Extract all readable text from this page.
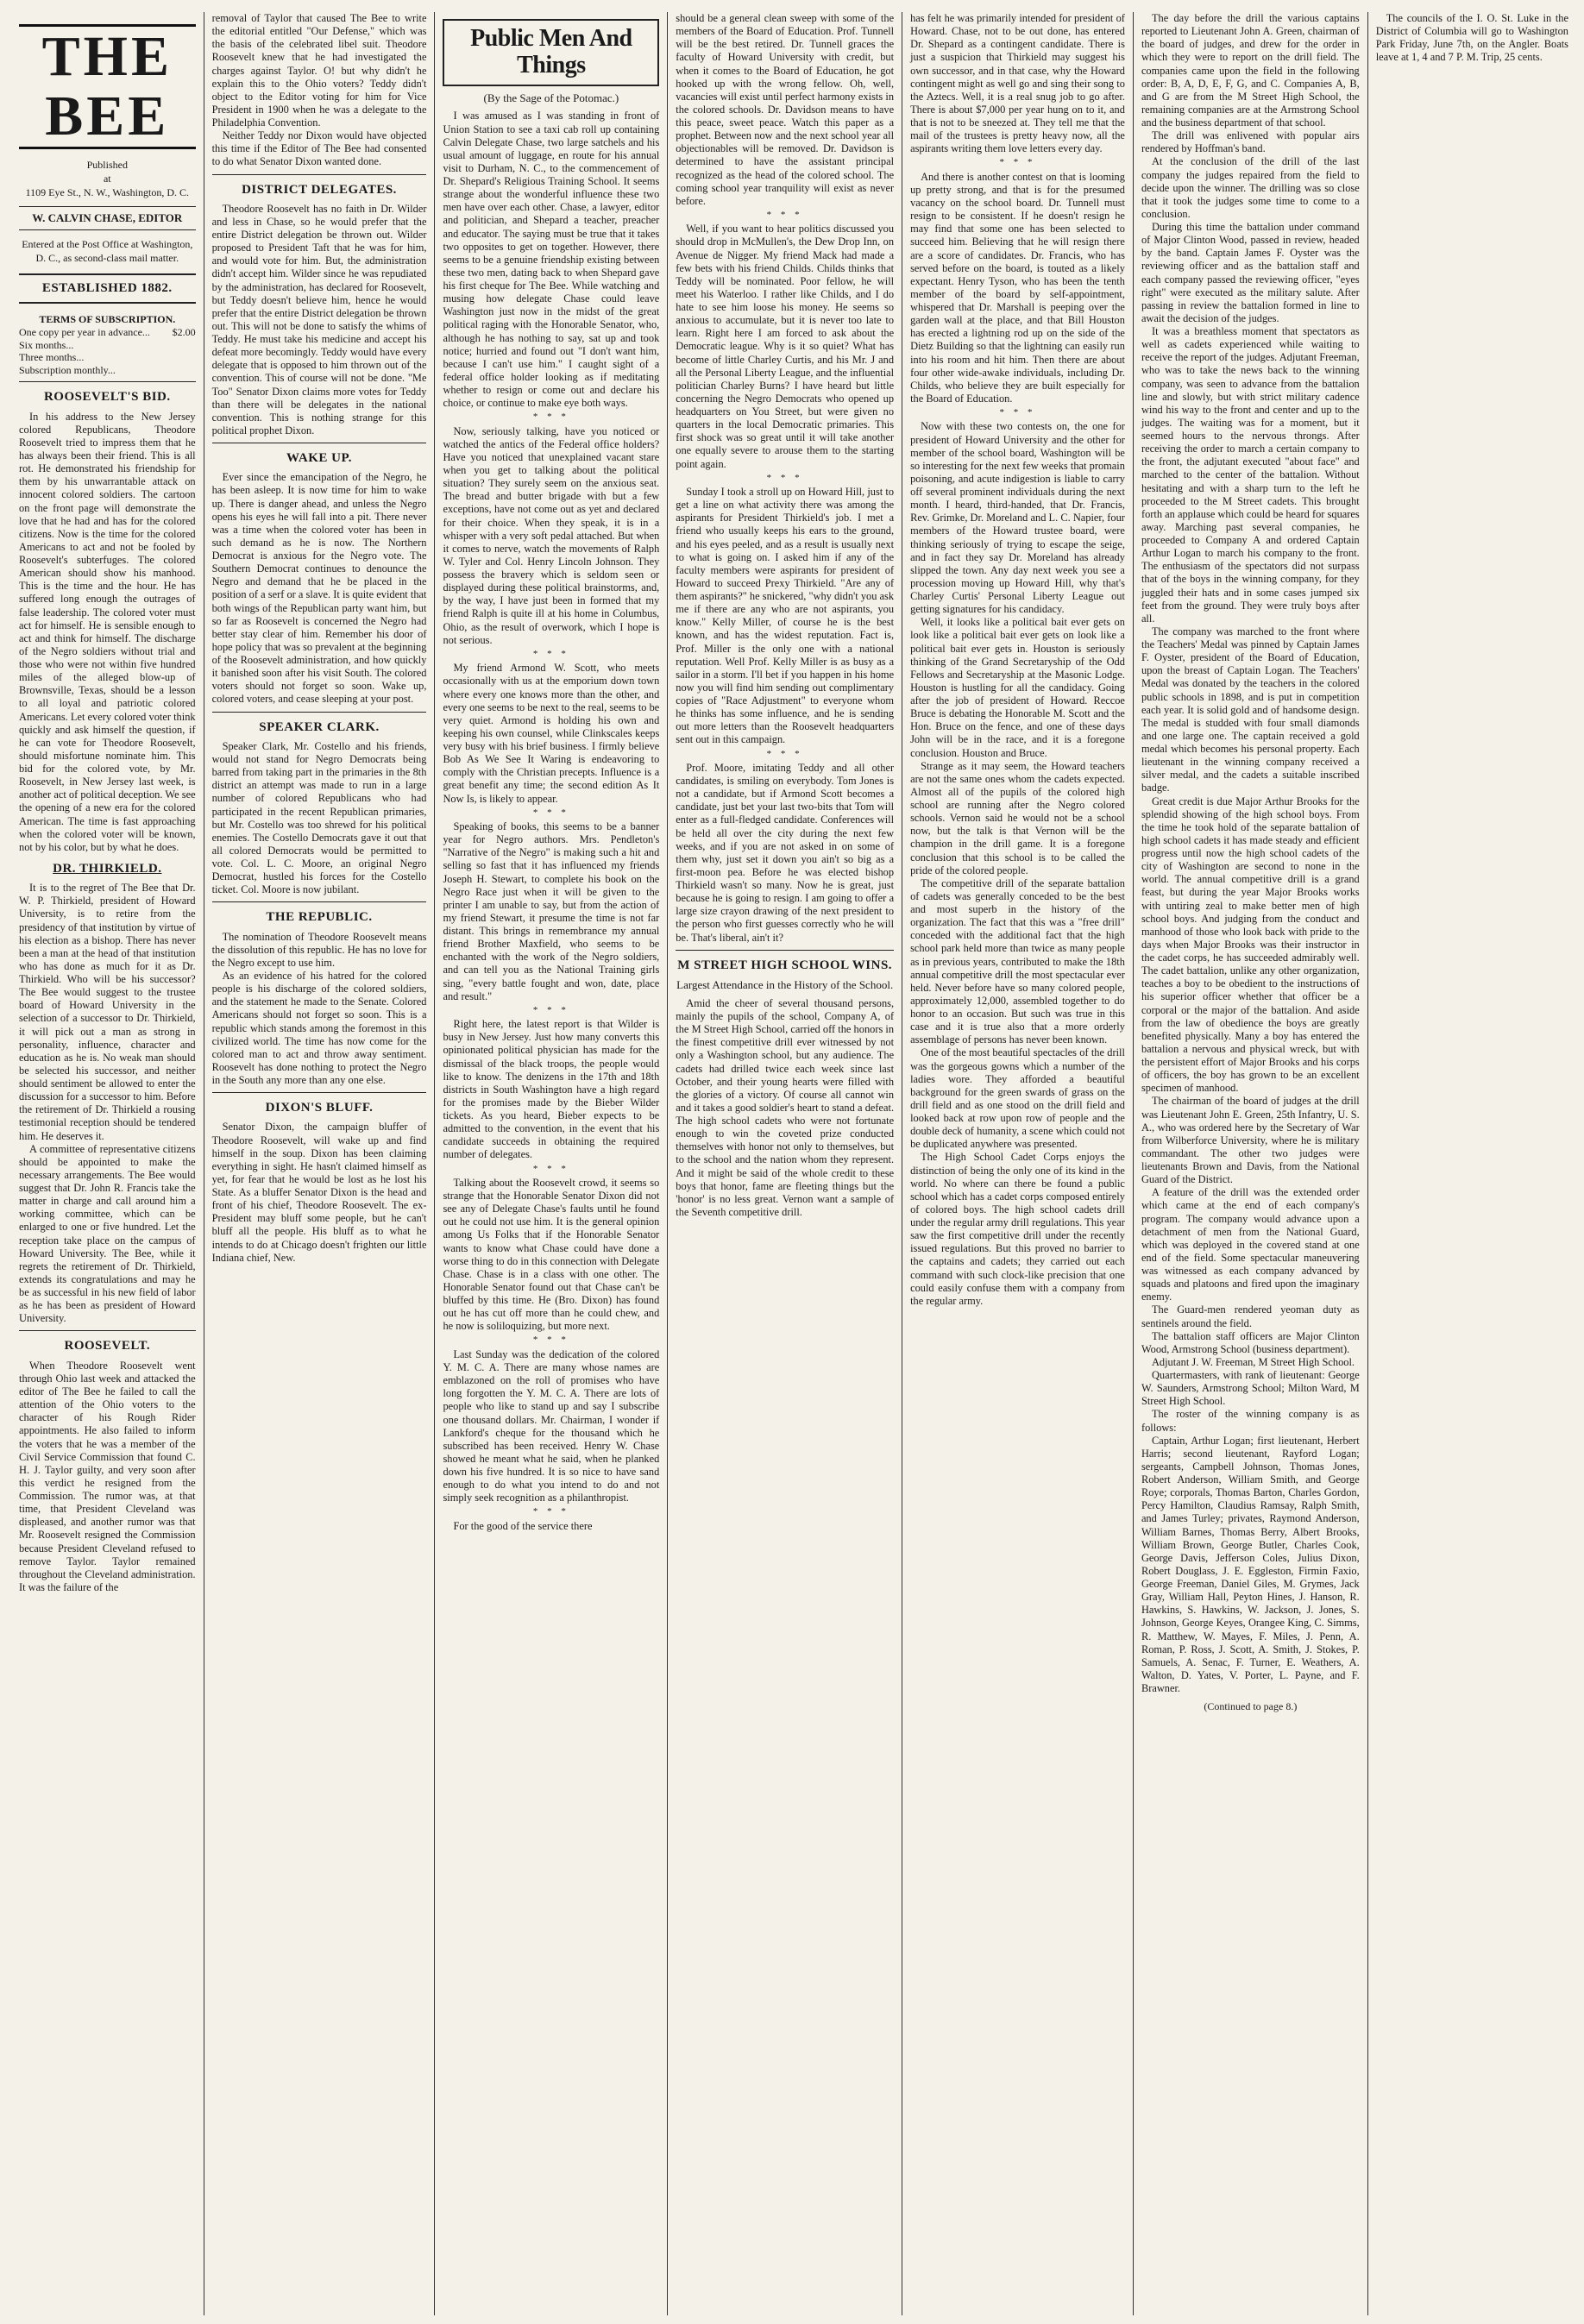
THE BEE

Published

at

1109 Eye St., N. W., Washington, D. C.

W. CALVIN CHASE, EDITOR

Entered at the Post Office at Washington, D. C., as second-class mail matter.

ESTABLISHED 1882.

TERMS OF SUBSCRIPTION.

One copy per year in advance... $2.00
Six months...
Three months...
Subscription monthly...
ROOSEVELT'S BID.

In his address to the New Jersey colored Republicans, Theodore Roosevelt tried to impress them that he has always been their friend. This is all rot. He demonstrated his friendship for them by his unwarrantable attack on innocent colored soldiers. The cartoon on the front page will demonstrate the love that he had and has for the colored citizens. Now is the time for the colored Americans to act and not be fooled by Roosevelt's subterfuges. The colored American should show his manhood. This is the time and the hour. He has suffered long enough the outrages of false leadership. The colored voter must act for himself. He is sensible enough to act and think for himself. The discharge of the Negro soldiers without trial and those who were not within five hundred miles of the alleged blow-up of Brownsville, Texas, should be a lesson to all loyal and patriotic colored Americans. Let every colored voter think quickly and ask himself the question, if he can vote for Theodore Roosevelt, should misfortune nominate him. This bid for the colored vote, by Mr. Roosevelt, in New Jersey last week, is another act of political deception. We see the opening of a new era for the colored American. The time is fast approaching when the colored voter will be known, not by his color, but by what he does.

DR. THIRKIELD.

It is to the regret of The Bee that Dr. W. P. Thirkield, president of Howard University, is to retire from the presidency of that institution by virtue of his election as a bishop. There has never been a man at the head of that institution who has done as much for it as Dr. Thirkield. Who will be his successor? The Bee would suggest to the trustee board of Howard University in the selection of a successor to Dr. Thirkield, it will pick out a man as strong in personality, influence, character and education as he is. No weak man should be selected his successor, and neither should sentiment be allowed to enter the discussion for a successor to him. Before the retirement of Dr. Thirkield a rousing testimonial reception should be tendered him. He deserves it.

A committee of representative citizens should be appointed to make the necessary arrangements. The Bee would suggest that Dr. John R. Francis take the matter in charge and call around him a working committee, which can be enlarged to one or five hundred. Let the reception take place on the campus of Howard University. The Bee, while it regrets the retirement of Dr. Thirkield, extends its congratulations and may he be as successful in his new field of labor as he has been as president of Howard University.

ROOSEVELT.

When Theodore Roosevelt went through Ohio last week and attacked the editor of The Bee he failed to call the attention of the Ohio voters to the character of his Rough Rider appointments. He also failed to inform the voters that he was a member of the Civil Service Commission that found C. H. J. Taylor guilty, and very soon after this verdict he resigned from the Commission. The rumor was, at that time, that President Cleveland was displeased, and another rumor was that Mr. Roosevelt resigned the Commission because President Cleveland refused to remove Taylor. Taylor remained throughout the Cleveland administration. It was the failure of the

removal of Taylor that caused The Bee to write the editorial entitled "Our Defense," which was the basis of the celebrated libel suit. Theodore Roosevelt knew that he had investigated the charges against Taylor. O! but why didn't he explain this to the Ohio voters? Teddy didn't object to the Editor voting for him for Vice President in 1900 when he was a delegate to the Philadelphia Convention.

Neither Teddy nor Dixon would have objected this time if the Editor of The Bee had consented to do what Senator Dixon wanted done.

DISTRICT DELEGATES.

Theodore Roosevelt has no faith in Dr. Wilder and less in Chase, so he would prefer that the entire District delegation be thrown out. Wilder proposed to President Taft that he was for him, and would vote for him. But, the administration didn't accept him. Wilder since he was repudiated by the administration, has declared for Roosevelt, but Teddy doesn't believe him, hence he would prefer that the entire District delegation be thrown out. This will not be done to satisfy the whims of Teddy. He must take his medicine and accept his defeat more becomingly. Teddy would have every delegate that is opposed to him thrown out of the convention. This of course will not be done. "Me Too" Senator Dixon claims more votes for Teddy than there will be delegates in the national convention. This is nothing strange for this political prophet Dixon.

WAKE UP.

Ever since the emancipation of the Negro, he has been asleep. It is now time for him to wake up. There is danger ahead, and unless the Negro opens his eyes he will fall into a pit. There never was a time when the colored voter has been in such demand as he is now. The Northern Democrat is anxious for the Negro vote. The Southern Democrat continues to denounce the Negro and demand that he be placed in the position of a serf or a slave. It is quite evident that both wings of the Republican party want him, but so far as Roosevelt is concerned the Negro had better stay clear of him. Remember his door of hope policy that was so prevalent at the beginning of the Roosevelt administration, and how quickly it banished soon after his visit South. The colored voters should not forget so soon. Wake up, colored voters, and cease sleeping at your post.

SPEAKER CLARK.

Speaker Clark, Mr. Costello and his friends, would not stand for Negro Democrats being barred from taking part in the primaries in the 8th district an attempt was made to run in a large number of colored Republicans who had participated in the recent Republican primaries, but Mr. Costello was too shrewd for his political enemies. The Costello Democrats gave it out that all colored Democrats would be permitted to vote. Col. L. C. Moore, an original Negro Democrat, hustled his forces for the Costello ticket. Col. Moore is now jubilant.

THE REPUBLIC.

The nomination of Theodore Roosevelt means the dissolution of this republic. He has no love for the Negro except to use him.

As an evidence of his hatred for the colored people is his discharge of the colored soldiers, and the statement he made to the Senate. Colored Americans should not forget so soon. This is a republic which stands among the foremost in this civilized world. The time has now come for the colored man to act and throw away sentiment. Roosevelt has done nothing to protect the Negro in the South any more than any one else.

DIXON'S BLUFF.

Senator Dixon, the campaign bluffer of Theodore Roosevelt, will wake up and find himself in the soup. Dixon has been claiming everything in sight. He hasn't claimed himself as yet, for fear that he would be lost as he lost his State. As a bluffer Senator Dixon is the head and front of his chief, Theodore Roosevelt. The ex-President may bluff some people, but he can't bluff all the people. His bluff as to what he intends to do at Chicago doesn't frighten our little Indiana chief, New.

Public Men And Things

(By the Sage of the Potomac.)

I was amused as I was standing in front of Union Station to see a taxi cab roll up containing Calvin Delegate Chase, two large satchels and his usual amount of luggage, en route for his annual visit to Durham, N. C., to the commencement of Dr. Shepard's Religious Training School. It seems strange about the wonderful influence these two men have over each other. Chase, a lawyer, editor and politician, and Shepard a teacher, preacher and educator. The saying must be true that it takes two opposites to get on together. However, there seems to be a genuine friendship existing between these two men, dating back to when Shepard gave his first cheque for The Bee. While watching and musing how delegate Chase could leave Washington just now in the midst of the great political raging with the Honorable Senator, who, although he has nothing to say, sat up and took notice; hurried and found out "I don't want him, because I can't use him." I caught sight of a federal office holder looking as if meditating whether to resign or come out and declare his choice, or continue to make eye both ways.

* * *

Now, seriously talking, have you noticed or watched the antics of the Federal office holders? Have you noticed that unexplained vacant stare when you get to talking about the political situation? They surely seem on the anxious seat. The bread and butter brigade with but a few exceptions, have not come out as yet and declared for their choice. When they speak, it is in a whisper with a very soft pedal attached. But when it comes to nerve, watch the movements of Ralph W. Tyler and Col. Henry Lincoln Johnson. They possess the bravery which is seldom seen or displayed during these political brainstorms, and, by the way, I have just been in formed that my friend Ralph is quite ill at his home in Columbus, Ohio, as the result of overwork, which I hope is not serious.

* * *

My friend Armond W. Scott, who meets occasionally with us at the emporium down town where every one knows more than the other, and every one seems to be next to the real, seems to be very quiet. Armond is holding his own and keeping his own counsel, while Clinkscales keeps very busy with his brief business. I firmly believe Bob As We See It Waring is endeavoring to comply with the Christian precepts. Influence is a great benefit any time; the second edition As It Now Is, is likely to appear.

* * *

Speaking of books, this seems to be a banner year for Negro authors. Mrs. Pendleton's "Narrative of the Negro" is making such a hit and selling so fast that it has influenced my friends Joseph H. Stewart, to complete his book on the Negro Race just when it will be given to the printer I am unable to say, but from the action of my friend Stewart, it presume the time is not far distant. This brings in remembrance my annual friend Brother Maxfield, who seems to be enchanted with the work of the Negro soldiers, and can tell you as the National Training girls sing, "every battle fought and won, date, place and result."

* * *

Right here, the latest report is that Wilder is busy in New Jersey. Just how many converts this opinionated political physician has made for the dismissal of the black troops, the people would like to know. The denizens in the 17th and 18th districts in South Washington have a high regard for the promises made by the Bieber Wilder tickets. As you heard, Bieber expects to be admitted to the convention, in the event that his candidate succeeds in obtaining the required number of delegates.

* * *

Talking about the Roosevelt crowd, it seems so strange that the Honorable Senator Dixon did not see any of Delegate Chase's faults until he found out he could not use him. It is the general opinion among Us Folks that if the Honorable Senator wants to know what Chase could have done a worse thing to do in this connection with Delegate Chase. Chase is in a class with one other. The Honorable Senator found out that Chase can't be bluffed by this time. He (Bro. Dixon) has found out he has cut off more than he could chew, and he now is soliloquizing, but more next.

* * *

Last Sunday was the dedication of the colored Y. M. C. A. There are many whose names are emblazoned on the roll of promises who have long forgotten the Y. M. C. A. There are lots of people who like to stand up and say I subscribe one thousand dollars. Mr. Chairman, I wonder if Lankford's cheque for the thousand which he subscribed has been received. Henry W. Chase showed he meant what he said, when he planked down his five hundred. It is so nice to have sand enough to do what you intend to do and not simply seek recognition as a philanthropist.

* * *

For the good of the service there

should be a general clean sweep with some of the members of the Board of Education. Prof. Tunnell will be the best retired. Dr. Tunnell graces the faculty of Howard University with credit, but when it comes to the Board of Education, he got hooked up with the wrong fellow. Oh, well, vacancies will exist until perfect harmony exists in the colored schools. Dr. Davidson means to have this peace, sweet peace. Watch this paper as a prophet. Between now and the next school year all objectionables will be removed. Dr. Davidson is determined to have the assistant principal recognized as the head of the colored school. The coming school year tranquility will exist as never before.

* * *

Well, if you want to hear politics discussed you should drop in McMullen's, the Dew Drop Inn, on Avenue de Nigger. My friend Mack had made a few bets with his friend Childs. Childs thinks that Teddy will be nominated. Poor fellow, he will meet his Waterloo. I rather like Childs, and I do hate to see him loose his money. He seems so anxious to accumulate, but it is never too late to learn. Right here I am forced to ask about the Democratic league. Why is it so quiet? What has become of little Charley Curtis, and his Mr. J and all the Personal Liberty League, and the influential politician Charley Burns? I have heard but little concerning the Negro Democrats who opened up headquarters on You Street, but were given no quarters in the local Democratic primaries. This first shock was so great until it will take another one equally severe to arouse them to the starting point again.

* * *

Sunday I took a stroll up on Howard Hill, just to get a line on what activity there was among the aspirants for President Thirkield's job. I met a friend who usually keeps his ears to the ground, and his eyes peeled, and as a result is usually next to what is going on. I asked him if any of the faculty members were aspirants for president of Howard to succeed Prexy Thirkield. "Are any of them aspirants?" he snickered, "why didn't you ask me if there are any who are not aspirants, you know." Kelly Miller, of course he is the best known, and has the widest reputation. Fact is, Prof. Miller is the only one with a national reputation. Well Prof. Kelly Miller is as busy as a sailor in a storm. I'll bet if you happen in his home now you will find him sending out complimentary copies of "Race Adjustment" to everyone whom he thinks has some influence, and he is sending out more letters than the Roosevelt headquarters sent out in this campaign.

* * *

Prof. Moore, imitating Teddy and all other candidates, is smiling on everybody. Tom Jones is not a candidate, but if Armond Scott becomes a candidate, just bet your last two-bits that Tom will enter as a full-fledged candidate. Conferences will be held all over the city during the next few weeks, and if you are not asked in on some of them why, just set it down you ain't so big as a first-moon pea. Before he was elected bishop Thirkield wasn't so many. Now he is great, just because he is going to resign. I am going to offer a large size crayon drawing of the next president to the person who first guesses correctly who he will be. That's liberal, ain't it?

M STREET HIGH SCHOOL WINS.

Largest Attendance in the History of the School.

Amid the cheer of several thousand persons, mainly the pupils of the school, Company A, of the M Street High School, carried off the honors in the finest competitive drill ever witnessed by not only a Washington school, but any audience. The cadets had drilled twice each week since last October, and their young hearts were filled with the glories of a victory. Of course all cannot win and it takes a good soldier's heart to stand a defeat. The high school cadets who were not fortunate enough to win the coveted prize conducted themselves with honor not only to themselves, but to the school and the nation whom they represent. And it might be said of the whole credit to these boys that honor, fame are fleeting things but the 'honor' is no less great. Vernon want a sample of the Seventh competitive drill.

has felt he was primarily intended for president of Howard. Chase, not to be out done, has entered Dr. Shepard as a contingent candidate. There is just a suspicion that Thirkield may suggest his own successor, and in that case, why the Howard contingent might as well go and sing their song to the Aztecs. Well, it is a real snug job to go after. There is about $7,000 per year hung on to it, and that is not to be sneezed at. They tell me that the mail of the trustees is pretty heavy now, all the aspirants writing them love letters every day.

* * *

And there is another contest on that is looming up pretty strong, and that is for the presumed vacancy on the school board. Dr. Tunnell must resign to be consistent. If he doesn't resign he may find that some one has been selected to succeed him. Believing that he will resign there are a score of candidates. Dr. Francis, who has served before on the board, is touted as a likely expectant. Henry Tyson, who has been the tenth member of the board by self-appointment, whispered that Dr. Marshall is peeping over the garden wall at the place, and that Bill Houston has erected a lightning rod up on the side of the Dietz Building so that the lightning can easily run into his room and hit him. Then there are about four other wide-awake individuals, including Dr. Childs, who believe they are built especially for the Board of Education.

* * *

Now with these two contests on, the one for president of Howard University and the other for member of the school board, Washington will be so interesting for the next few weeks that promain poisoning, and acute indigestion is liable to carry off several prominent individuals during the next month. I heard, third-handed, that Dr. Francis, Rev. Grimke, Dr. Moreland and L. C. Napier, four members of the Howard trustee board, were thinking seriously of trying to escape the seige, and in fact they say Dr. Moreland has already slipped the town. Any day next week you see a procession moving up Howard Hill, why that's Charley Curtis' Personal Liberty League out getting signatures for his candidacy.

Well, it looks like a political bait ever gets on look like a political bait ever gets on look like a political bait ever gets in. Houston is seriously thinking of the Grand Secretaryship of the Odd Fellows and Secretaryship at the Masonic Lodge. Houston is hustling for all the candidacy. Going after the job of president of Howard. Reccoe Bruce is debating the Honorable M. Scott and the Hon. Bruce on the fence, and one of these days John will be in the race, and it is a foregone conclusion. Houston and Bruce.

Strange as it may seem, the Howard teachers are not the same ones whom the cadets expected. Almost all of the pupils of the colored high school are running after the Negro colored schools. Vernon said he would not be a school now, but the talk is that Vernon will be the champion in the drill game. It is a foregone conclusion that this school is to be called the pride of the colored people.

The competitive drill of the separate battalion of cadets was generally conceded to be the best and most superb in the history of the organization. The fact that this was a "free drill" conceded with the additional fact that the high school park held more than twice as many people as in previous years, contributed to make the 18th annual competitive drill the most spectacular ever held. Never before have so many colored people, approximately 12,000, assembled together to do honor to an occasion. But such was true in this case and it is true also that a more orderly assemblage of persons has never been known.

One of the most beautiful spectacles of the drill was the gorgeous gowns which a number of the ladies wore. They afforded a beautiful background for the green swards of grass on the drill field and as one stood on the drill field and looked back at row upon row of people and the double deck of humanity, a scene which could not be duplicated anywhere was presented.

The High School Cadet Corps enjoys the distinction of being the only one of its kind in the world. No where can there be found a public school which has a cadet corps composed entirely of colored boys. The high school cadets drill under the regular army drill regulations. This year saw the first competitive drill under the recently issued regulations. But this proved no barrier to the captains and cadets; they carried out each command with such clock-like precision that one could easily confuse them with a company from the regular army.

The day before the drill the various captains reported to Lieutenant John A. Green, chairman of the board of judges, and drew for the order in which they were to report on the drill field. The companies came upon the field in the following order: B, A, D, E, F, G, and C. Companies A, B, and G are from the M Street High School, the remaining companies are at the Armstrong School and the business department of that school.

The drill was enlivened with popular airs rendered by Hoffman's band.

At the conclusion of the drill of the last company the judges repaired from the field to decide upon the winner. The drilling was so close that it took the judges some time to come to a conclusion.

During this time the battalion under command of Major Clinton Wood, passed in review, headed by the band. Captain James F. Oyster was the reviewing officer and as the battalion staff and each company passed the reviewing officer, "eyes right" were executed as the military salute. After passing in review the battalion formed in line to await the decision of the judges.

It was a breathless moment that spectators as well as cadets experienced while waiting to receive the report of the judges. Adjutant Freeman, who was to take the news back to the winning company, was seen to advance from the battalion line and slowly, but with strict military cadence wind his way to the front and center and up to the judges. The waiting was for a moment, but it seemed hours to the nervous throngs. After receiving the order to march a certain company to the front, the adjutant executed "about face" and marched to the center of the battalion. Without hesitating and with a sharp turn to the left he proceeded to the M Street cadets. This brought forth an applause which could be heard for squares away. Marching past several companies, he proceeded to Company A and ordered Captain Arthur Logan to march his company to the front. The enthusiasm of the spectators did not surpass that of the boys in the winning company, for they juggled their hats and in some cases jumped six feet from the ground. They were truly boys after all.

The company was marched to the front where the Teachers' Medal was pinned by Captain James F. Oyster, president of the Board of Education, upon the breast of Captain Logan. The Teachers' Medal was donated by the teachers in the colored public schools in 1898, and is put in competition each year. It is solid gold and of handsome design. The medal is studded with four small diamonds and one large one. The captain received a gold medal which becomes his personal property. Each lieutenant in the winning company received a silver medal, and the cadets a suitable inscribed badge.

Great credit is due Major Arthur Brooks for the splendid showing of the high school boys. From the time he took hold of the separate battalion of high school cadets it has made steady and efficient progress until now the high school cadets of the city of Washington are second to none in the world. The annual competitive drill is a grand feast, but during the year Major Brooks works with untiring zeal to make better men of high school boys. And judging from the conduct and manhood of those who look back with pride to the days when Major Brooks was their instructor in the cadet corps, he has succeeded admirably well. The cadet battalion, unlike any other organization, teaches a boy to be obedient to the instructions of his superior officer whether that officer be a corporal or the major of the battalion. And aside from the law of obedience the boys are greatly benefited physically. Many a boy has entered the battalion a nervous and physical wreck, but with the persistent effort of Major Brooks and his corps of officers, the boy has grown to be an excellent specimen of manhood.

The chairman of the board of judges at the drill was Lieutenant John E. Green, 25th Infantry, U. S. A., who was ordered here by the Secretary of War from Wilberforce University, where he is military commandant. The other two judges were lieutenants Brown and Davis, from the National Guard of the District.

A feature of the drill was the extended order which came at the end of each company's program. The company would advance upon a detachment of men from the National Guard, which was deployed in the covered stand at one end of the field. Some spectacular maneuvering was witnessed as each company advanced by squads and platoons and fired upon the imaginary enemy.

The Guard-men rendered yeoman duty as sentinels around the field.

The battalion staff officers are Major Clinton Wood, Armstrong School (business department).

Adjutant J. W. Freeman, M Street High School.

Quartermasters, with rank of lieutenant: George W. Saunders, Armstrong School; Milton Ward, M Street High School.

The roster of the winning company is as follows:

Captain, Arthur Logan; first lieutenant, Herbert Harris; second lieutenant, Rayford Logan; sergeants, Campbell Johnson, Thomas Jones, Robert Anderson, William Smith, and George Roye; corporals, Thomas Barton, Charles Gordon, Percy Hamilton, Claudius Ramsay, Ralph Smith, and James Turley; privates, Raymond Anderson, William Barnes, Thomas Berry, Albert Brooks, William Brown, George Butler, Charles Cook, George Davis, Jefferson Coles, Julius Dixon, Robert Douglass, J. E. Eggleston, Firmin Faxio, George Freeman, Daniel Giles, M. Grymes, Jack Gray, William Hall, Peyton Hines, J. Hanson, R. Hawkins, S. Hawkins, W. Jackson, J. Jones, S. Johnson, George Keyes, Orangee King, C. Simms, R. Matthew, W. Mayes, F. Miles, J. Penn, A. Roman, P. Ross, J. Scott, A. Smith, J. Stokes, P. Samuels, A. Senac, F. Turner, E. Weathers, A. Walton, D. Yates, V. Porter, L. Payne, and F. Brawner.

(Continued to page 8.)

The councils of the I. O. St. Luke in the District of Columbia will go to Washington Park Friday, June 7th, on the Angler. Boats leave at 1, 4 and 7 P. M. Trip, 25 cents.
